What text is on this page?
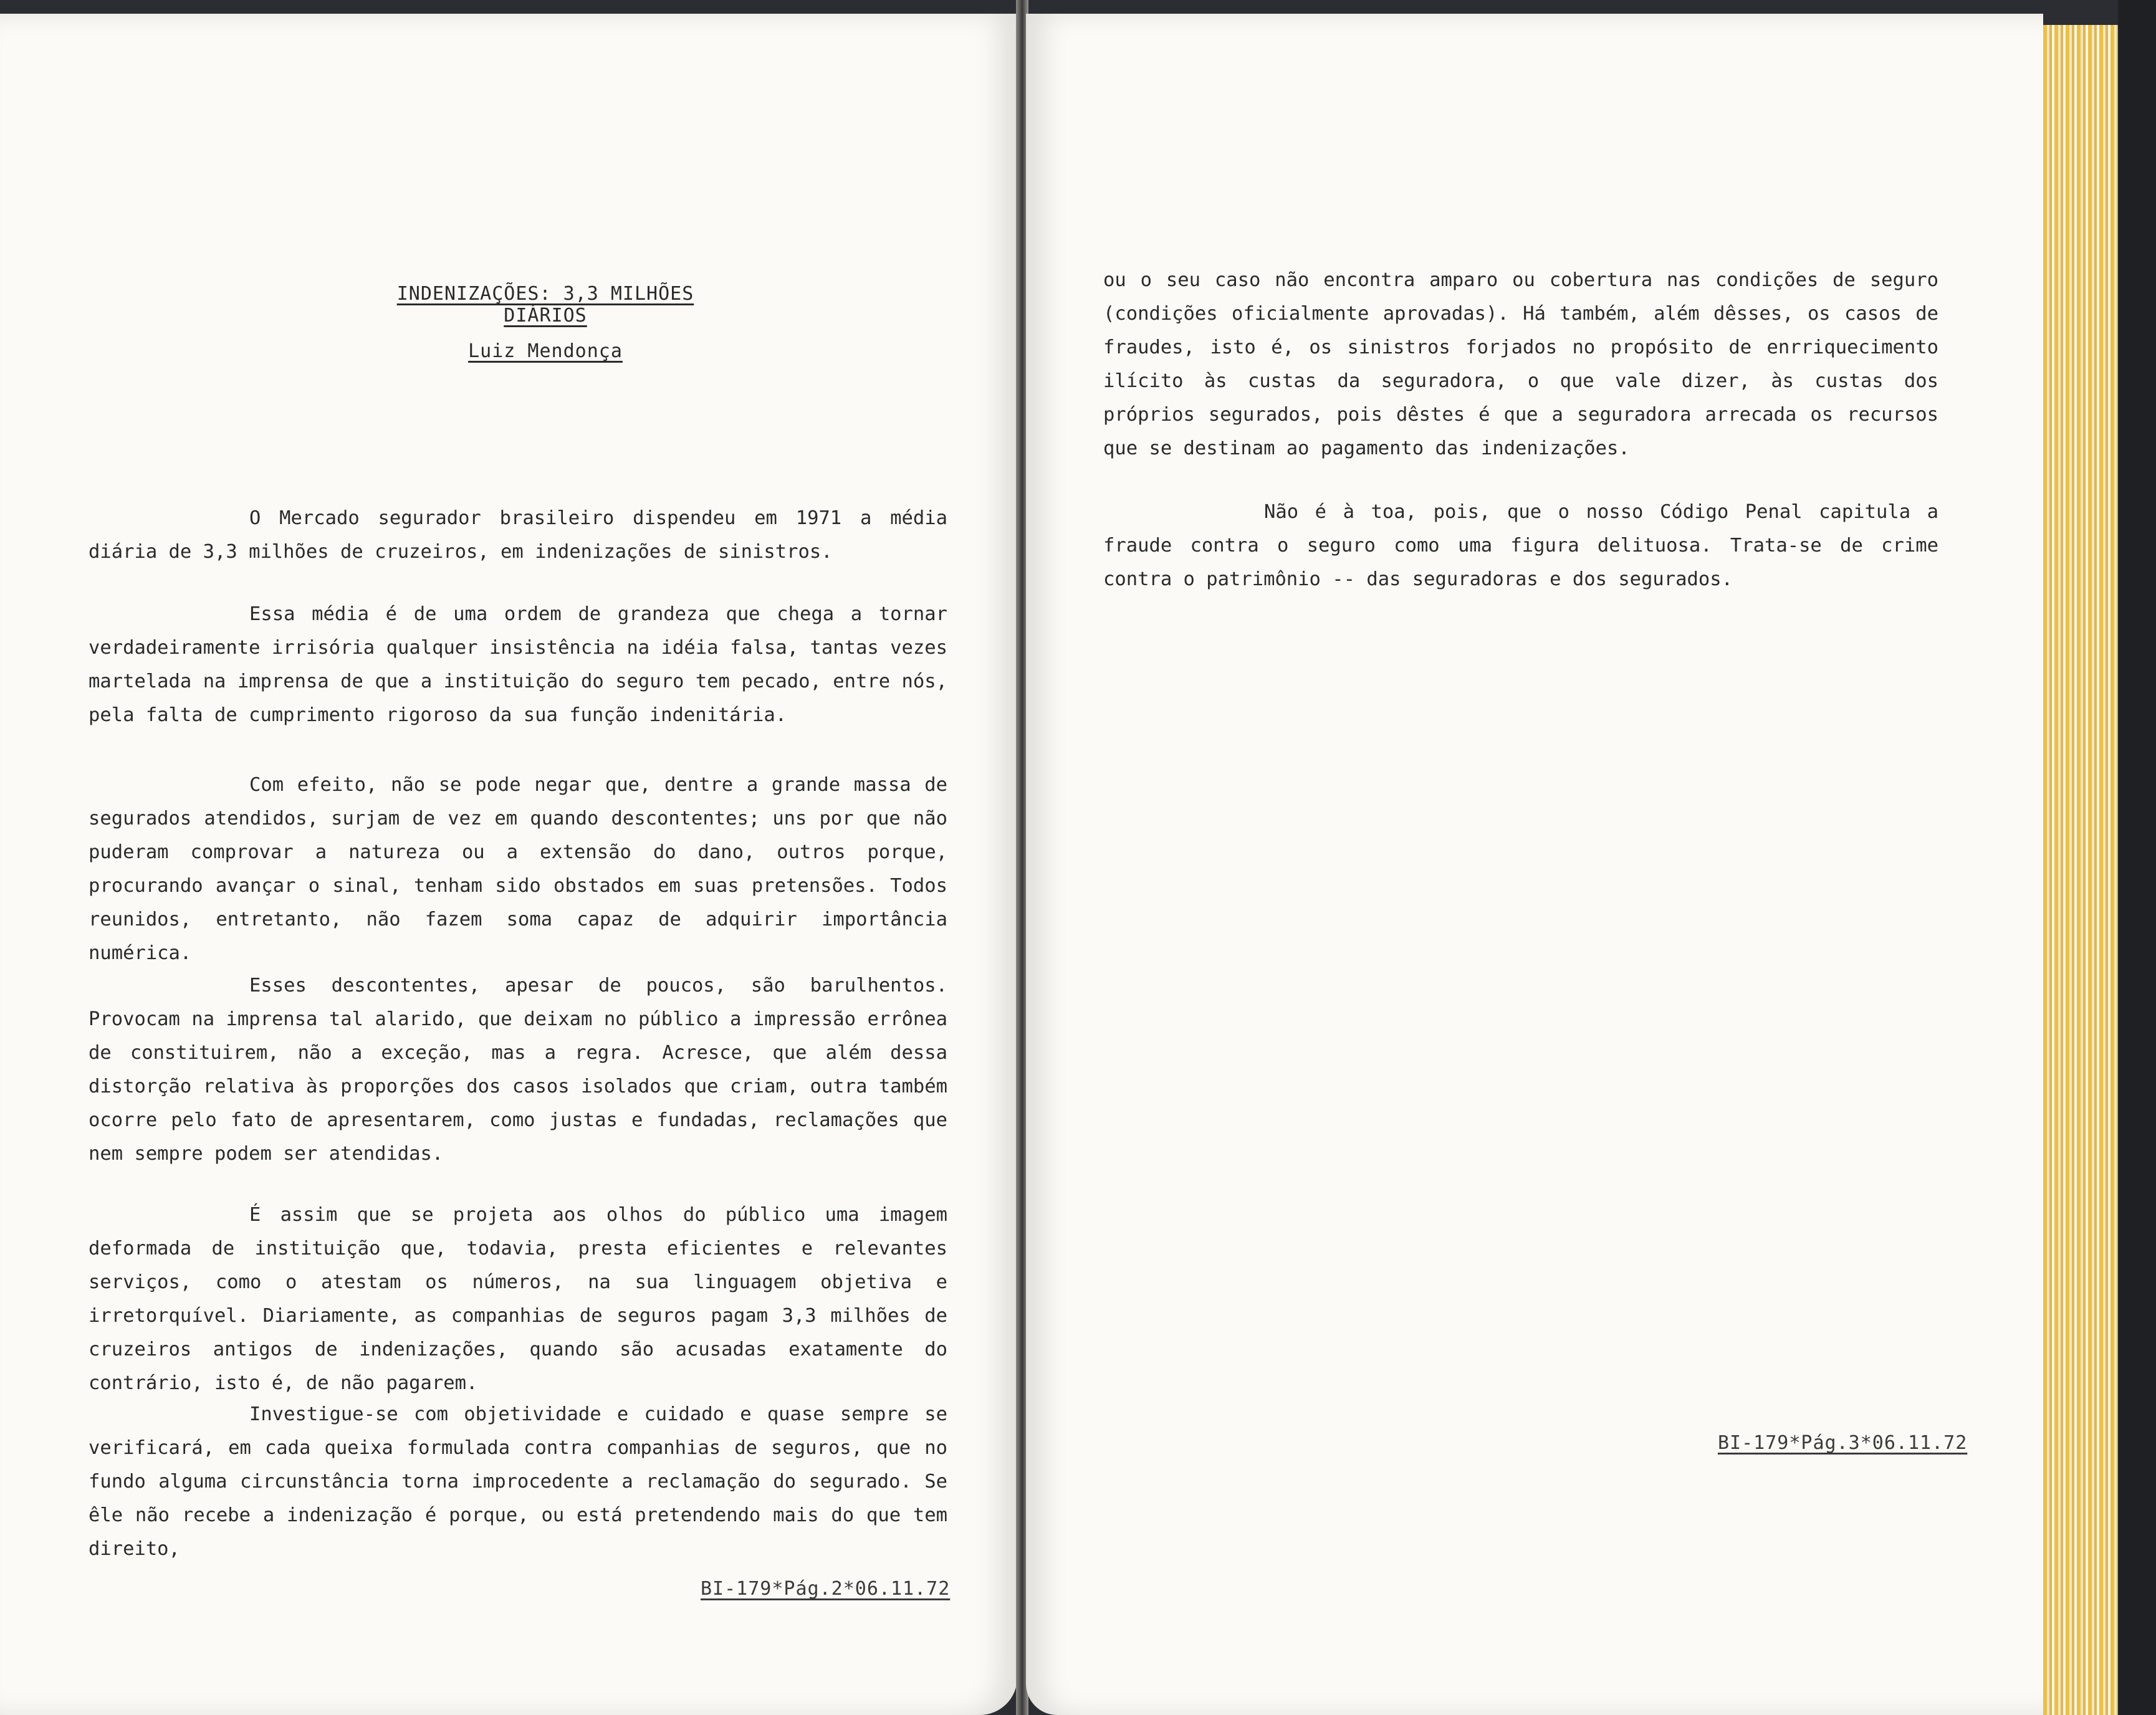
INDENIZAÇÕES: 3,3 MILHÕES DIÁRIOS
Luiz Mendonça

O Mercado segurador brasileiro dispendeu em 1971 a média diária de 3,3 milhões de cruzeiros, em indenizações de sinistros.

Essa média é de uma ordem de grandeza que chega a tornar verdadeiramente irrisória qualquer insistência na idéia falsa, tantas vezes martelada na imprensa de que a instituição do seguro tem pecado, entre nós, pela falta de cumprimento rigoroso da sua função indenitária.

Com efeito, não se pode negar que, dentre a grande massa de segurados atendidos, surjam de vez em quando descontentes; uns por que não puderam comprovar a natureza ou a extensão do dano, outros porque, procurando avançar o sinal, tenham sido obstados em suas pretensões. Todos reunidos, entretanto, não fazem soma capaz de adquirir importância numérica.

Esses descontentes, apesar de poucos, são barulhentos. Provocam na imprensa tal alarido, que deixam no público a impressão errônea de constituirem, não a exceção, mas a regra. Acresce, que além dessa distorção relativa às proporções dos casos isolados que criam, outra também ocorre pelo fato de apresentarem, como justas e fundadas, reclamações que nem sempre podem ser atendidas.

É assim que se projeta aos olhos do público uma imagem deformada de instituição que, todavia, presta eficientes e relevantes serviços, como o atestam os números, na sua linguagem objetiva e irretorquível. Diariamente, as companhias de seguros pagam 3,3 milhões de cruzeiros antigos de indenizações, quando são acusadas exatamente do contrário, isto é, de não pagarem.

Investigue-se com objetividade e cuidado e quase sempre se verificará, em cada queixa formulada contra companhias de seguros, que no fundo alguma circunstância torna improcedente a reclamação do segurado. Se êle não recebe a indenização é porque, ou está pretendendo mais do que tem direito,

BI-179*Pág.2*06.11.72

ou o seu caso não encontra amparo ou cobertura nas condições de seguro (condições oficialmente aprovadas). Há também, além dêsses, os casos de fraudes, isto é, os sinistros forjados no propósito de enrriquecimento ilícito às custas da seguradora, o que vale dizer, às custas dos próprios segurados, pois dêstes é que a seguradora arrecada os recursos que se destinam ao pagamento das indenizações.

Não é à toa, pois, que o nosso Código Penal capitula a fraude contra o seguro como uma figura delituosa. Trata-se de crime contra o patrimônio -- das seguradoras e dos segurados.

BI-179*Pág.3*06.11.72
